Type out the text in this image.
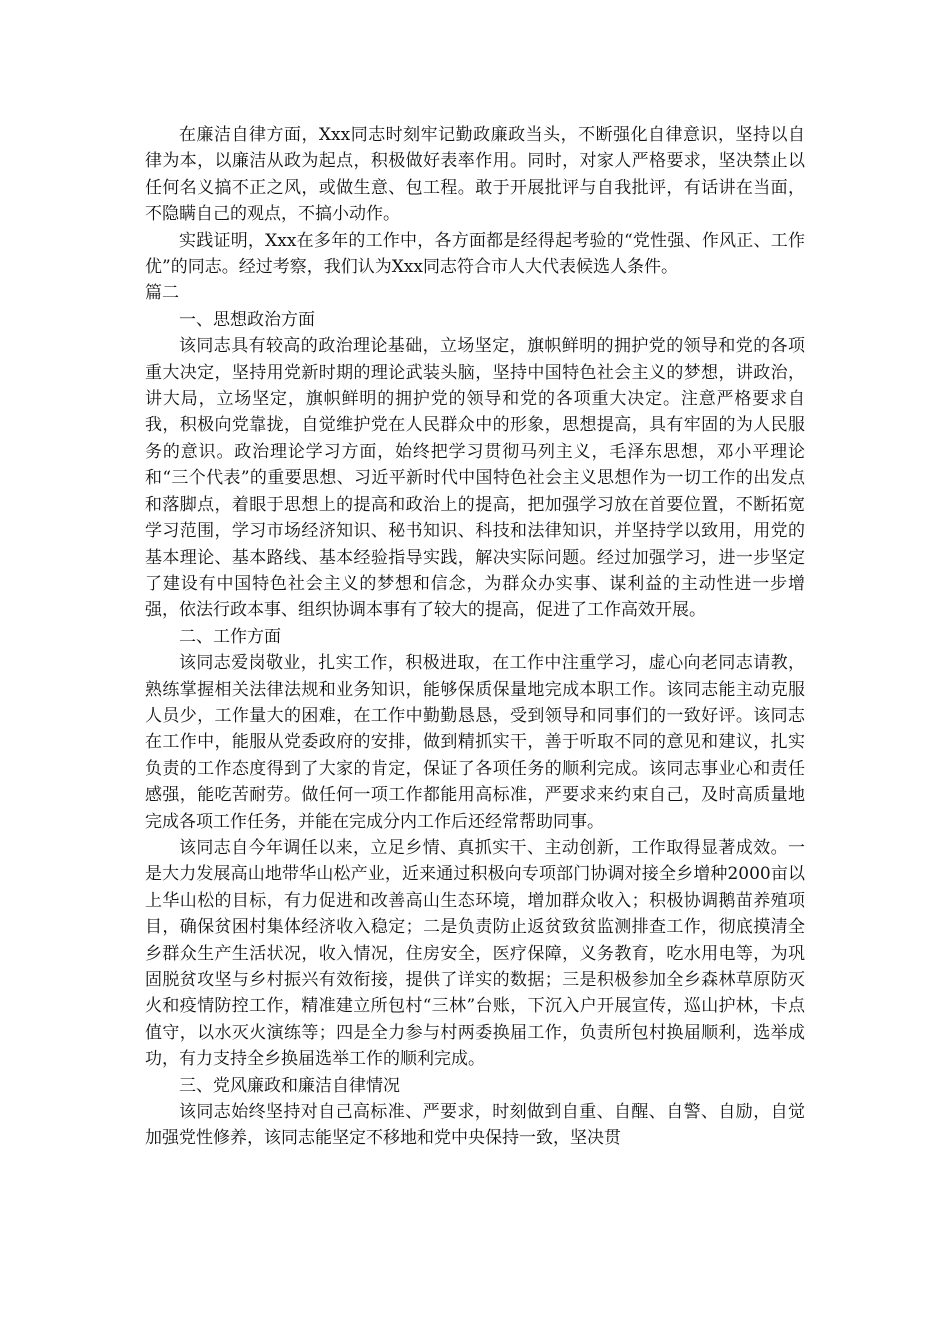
在廉洁自律方面，Xxx同志时刻牢记勤政廉政当头，不断强化自律意识，坚持以自律为本，以廉洁从政为起点，积极做好表率作用。同时，对家人严格要求，坚决禁止以任何名义搞不正之风，或做生意、包工程。敢于开展批评与自我批评，有话讲在当面，不隐瞒自己的观点，不搞小动作。

实践证明，Xxx在多年的工作中，各方面都是经得起考验的“党性强、作风正、工作优”的同志。经过考察，我们认为Xxx同志符合市人大代表候选人条件。

篇二

一、思想政治方面

该同志具有较高的政治理论基础，立场坚定，旗帜鲜明的拥护党的领导和党的各项重大决定，坚持用党新时期的理论武装头脑，坚持中国特色社会主义的梦想，讲政治，讲大局，立场坚定，旗帜鲜明的拥护党的领导和党的各项重大决定。注意严格要求自我，积极向党靠拢，自觉维护党在人民群众中的形象，思想提高，具有牢固的为人民服务的意识。政治理论学习方面，始终把学习贯彻马列主义，毛泽东思想，邓小平理论和“三个代表”的重要思想、习近平新时代中国特色社会主义思想作为一切工作的出发点和落脚点，着眼于思想上的提高和政治上的提高，把加强学习放在首要位置，不断拓宽学习范围，学习市场经济知识、秘书知识、科技和法律知识，并坚持学以致用，用党的基本理论、基本路线、基本经验指导实践，解决实际问题。经过加强学习，进一步坚定了建设有中国特色社会主义的梦想和信念，为群众办实事、谋利益的主动性进一步增强，依法行政本事、组织协调本事有了较大的提高，促进了工作高效开展。

二、工作方面

该同志爱岗敬业，扎实工作，积极进取，在工作中注重学习，虚心向老同志请教，熟练掌握相关法律法规和业务知识，能够保质保量地完成本职工作。该同志能主动克服人员少，工作量大的困难，在工作中勤勤恳恳，受到领导和同事们的一致好评。该同志在工作中，能服从党委政府的安排，做到精抓实干，善于听取不同的意见和建议，扎实负责的工作态度得到了大家的肯定，保证了各项任务的顺利完成。该同志事业心和责任感强，能吃苦耐劳。做任何一项工作都能用高标准，严要求来约束自己，及时高质量地完成各项工作任务，并能在完成分内工作后还经常帮助同事。

该同志自今年调任以来，立足乡情、真抓实干、主动创新，工作取得显著成效。一是大力发展高山地带华山松产业，近来通过积极向专项部门协调对接全乡增种2000亩以上华山松的目标，有力促进和改善高山生态环境，增加群众收入；积极协调鹅苗养殖项目，确保贫困村集体经济收入稳定；二是负责防止返贫致贫监测排查工作，彻底摸清全乡群众生产生活状况，收入情况，住房安全，医疗保障，义务教育，吃水用电等，为巩固脱贫攻坚与乡村振兴有效衔接，提供了详实的数据；三是积极参加全乡森林草原防灭火和疫情防控工作，精准建立所包村“三林”台账，下沉入户开展宣传，巡山护林，卡点值守，以水灭火演练等；四是全力参与村两委换届工作，负责所包村换届顺利，选举成功，有力支持全乡换届选举工作的顺利完成。

三、党风廉政和廉洁自律情况

该同志始终坚持对自己高标准、严要求，时刻做到自重、自醒、自警、自励，自觉加强党性修养，该同志能坚定不移地和党中央保持一致，坚决贯
